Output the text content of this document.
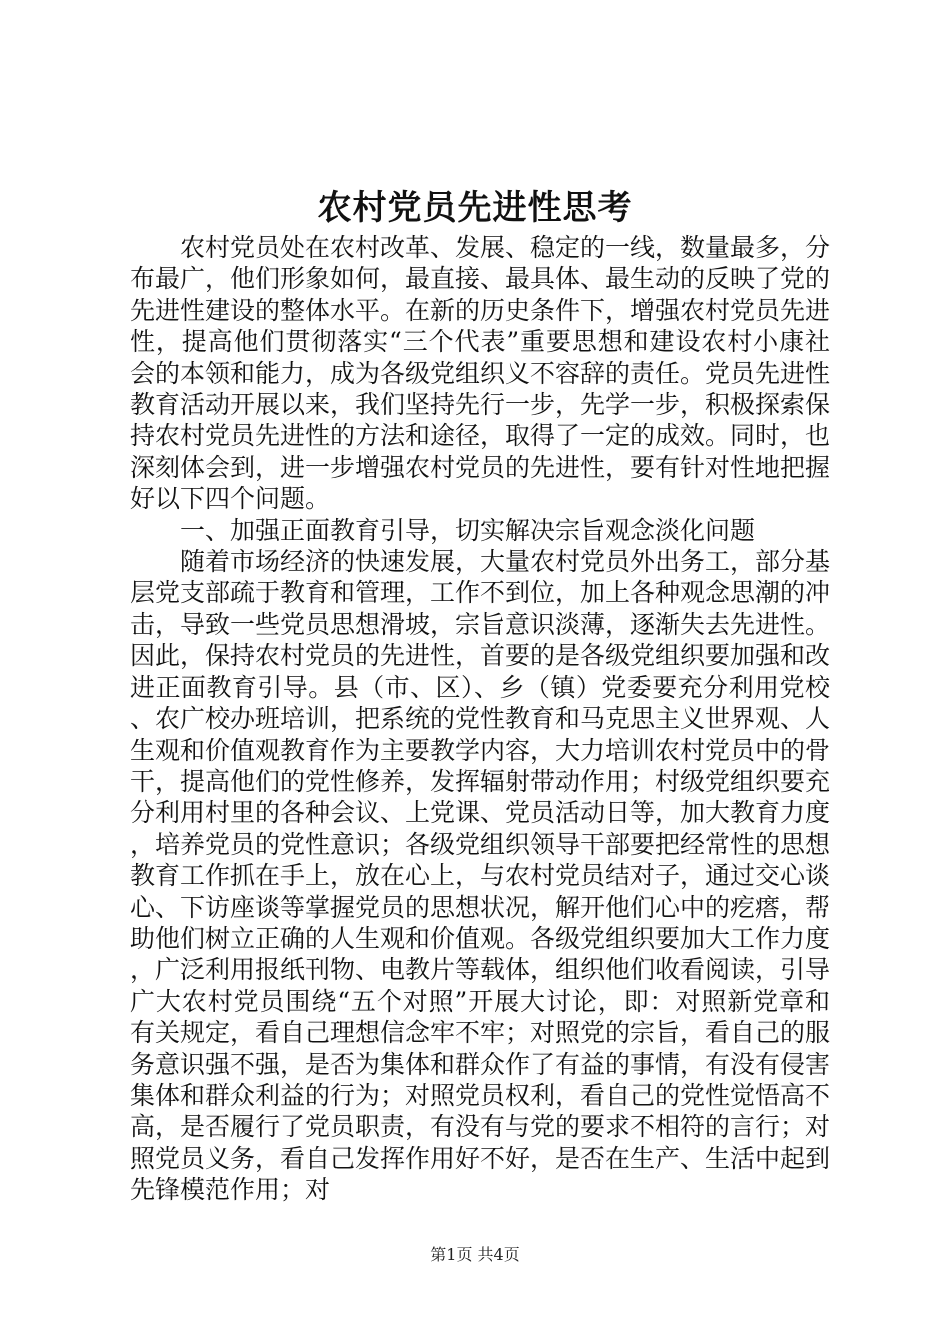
农村党员先进性思考

农村党员处在农村改革、发展、稳定的一线，数量最多，分布最广，他们形象如何，最直接、最具体、最生动的反映了党的先进性建设的整体水平。在新的历史条件下，增强农村党员先进性，提高他们贯彻落实“三个代表”重要思想和建设农村小康社会的本领和能力，成为各级党组织义不容辞的责任。党员先进性教育活动开展以来，我们坚持先行一步，先学一步，积极探索保持农村党员先进性的方法和途径，取得了一定的成效。同时，也深刻体会到，进一步增强农村党员的先进性，要有针对性地把握好以下四个问题。

一、加强正面教育引导，切实解决宗旨观念淡化问题

随着市场经济的快速发展，大量农村党员外出务工，部分基层党支部疏于教育和管理，工作不到位，加上各种观念思潮的冲击，导致一些党员思想滑坡，宗旨意识淡薄，逐渐失去先进性。因此，保持农村党员的先进性，首要的是各级党组织要加强和改进正面教育引导。县（市、区）、乡（镇）党委要充分利用党校、农广校办班培训，把系统的党性教育和马克思主义世界观、人生观和价值观教育作为主要教学内容，大力培训农村党员中的骨干，提高他们的党性修养，发挥辐射带动作用；村级党组织要充分利用村里的各种会议、上党课、党员活动日等，加大教育力度，培养党员的党性意识；各级党组织领导干部要把经常性的思想教育工作抓在手上，放在心上，与农村党员结对子，通过交心谈心、下访座谈等掌握党员的思想状况，解开他们心中的疙瘩，帮助他们树立正确的人生观和价值观。各级党组织要加大工作力度，广泛利用报纸刊物、电教片等载体，组织他们收看阅读，引导广大农村党员围绕“五个对照”开展大讨论，即：对照新党章和有关规定，看自己理想信念牢不牢；对照党的宗旨，看自己的服务意识强不强，是否为集体和群众作了有益的事情，有没有侵害集体和群众利益的行为；对照党员权利，看自己的党性觉悟高不高，是否履行了党员职责，有没有与党的要求不相符的言行；对照党员义务，看自己发挥作用好不好，是否在生产、生活中起到先锋模范作用；对

第1页 共4页
